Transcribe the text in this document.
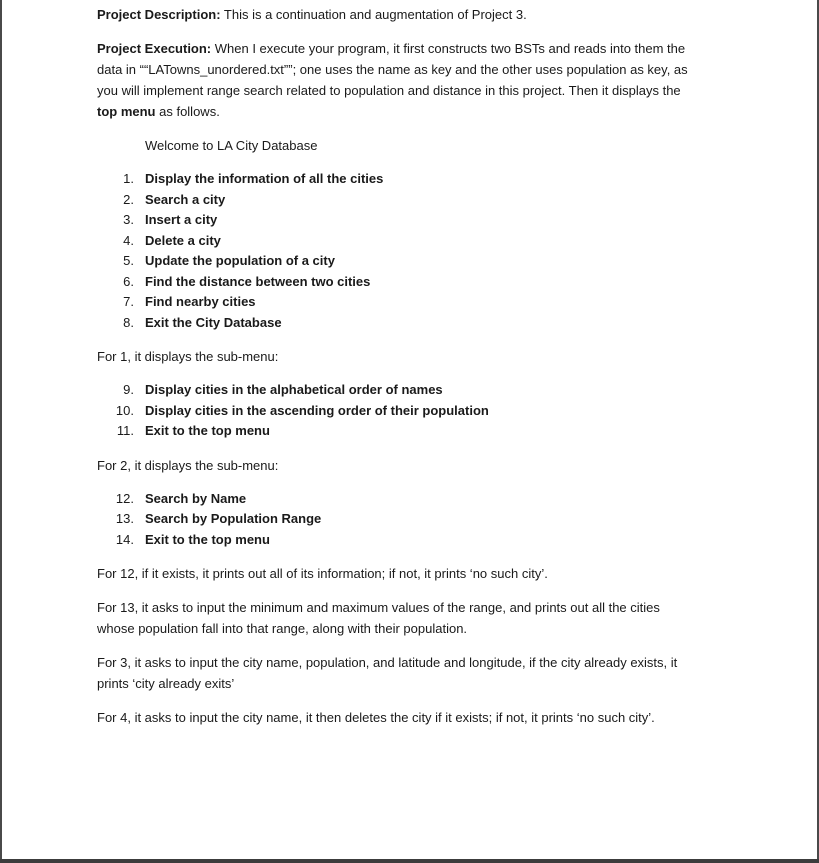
Project Description: This is a continuation and augmentation of Project 3.

Project Execution: When I execute your program, it first constructs two BSTs and reads into them the
data in ““LATowns_unordered.txt””; one uses the name as key and the other uses population as key, as
you will implement range search related to population and distance in this project. Then it displays the
top menu as follows.

Welcome to LA City Database

1. Display the information of all the cities
2. Search a city
3. Insert a city
4. Delete a city
5. Update the population of a city
6. Find the distance between two cities
7. Find nearby cities
8. Exit the City Database

For 1, it displays the sub-menu:

9. Display cities in the alphabetical order of names
10. Display cities in the ascending order of their population
11. Exit to the top menu

For 2, it displays the sub-menu:

12. Search by Name
13. Search by Population Range
14. Exit to the top menu

For 12, if it exists, it prints out all of its information; if not, it prints ‘no such city’.

For 13, it asks to input the minimum and maximum values of the range, and prints out all the cities
whose population fall into that range, along with their population.

For 3, it asks to input the city name, population, and latitude and longitude, if the city already exists, it
prints ‘city already exits’

For 4, it asks to input the city name, it then deletes the city if it exists; if not, it prints ‘no such city’.
